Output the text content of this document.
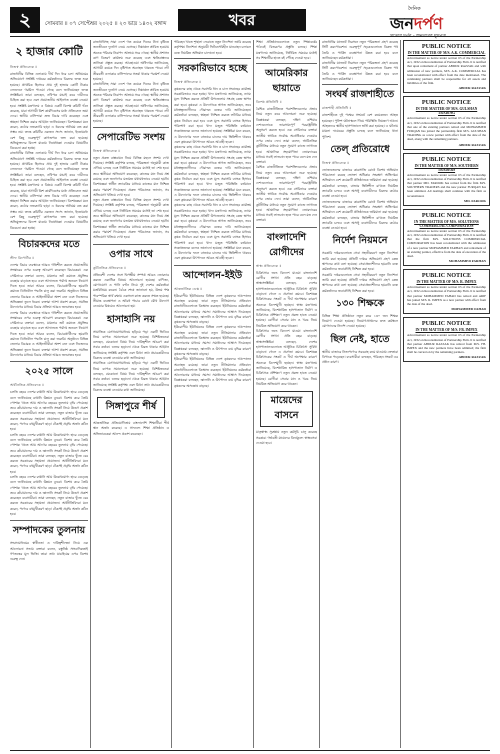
২	সোমবার ॥ ০৭ সেপ্টেম্বর ২০২৫ ॥ ২৩ ভাদ্র ১৪৩২ বঙ্গাব্দ	খবর
দৈনিক
জনদর্পণ
২ হাজার কোটি
নিজস্ব প্রতিবেদক ॥

রাজধানীর বিভিন্ন এলাকায় দীর্ঘ দিন ধরে চলা অনিয়মের অভিযোগে সংশ্লিষ্ট দপ্তরের কর্মকর্তাদের বিরুদ্ধে তদন্ত শুরু হয়েছে। প্রাথমিক হিসেবে প্রায় দুই হাজার কোটি টাকার লেনদেনে গরমিল পাওয়া গেছে বলে জানিয়েছেন তদন্ত সংশ্লিষ্টরা। তারা বলছেন, নথিপত্র যাচাই করে দায়ীদের চিহ্নিত করা হবে এবং প্রয়োজনীয় আইনগত ব্যবস্থা নেওয়া হবে। সংশ্লিষ্ট মন্ত্রণালয় এ বিষয়ে একটি বিশেষ কমিটি গঠন করেছে, যারা আগামী ত্রিশ কার্যদিবসের মধ্যে প্রতিবেদন জমা দেবে। স্থানীয় বাসিন্দারা দ্রুত বিচার দাবি করেছেন এবং স্বচ্ছতা নিশ্চিত করার আহ্বান জানিয়েছেন। বিশেষজ্ঞরা মনে করেন, কঠোর নজরদারি ছাড়া এ ধরনের অনিয়ম বন্ধ করা সম্ভব নয়। তদন্ত কমিটির একজন সদস্য জানান, ইতোমধ্যে বেশ কিছু গুরুত্বপূর্ণ কাগজপত্র জব্দ করা হয়েছে। অভিযুক্তদের বিদেশ যাত্রায় নিষেধাজ্ঞা দেওয়ার বিষয়টিও বিবেচনা করা হচ্ছে।

রাজধানীর বিভিন্ন এলাকায় দীর্ঘ দিন ধরে চলা অনিয়মের অভিযোগে সংশ্লিষ্ট দপ্তরের কর্মকর্তাদের বিরুদ্ধে তদন্ত শুরু হয়েছে। প্রাথমিক হিসেবে প্রায় দুই হাজার কোটি টাকার লেনদেনে গরমিল পাওয়া গেছে বলে জানিয়েছেন তদন্ত সংশ্লিষ্টরা। তারা বলছেন, নথিপত্র যাচাই করে দায়ীদের চিহ্নিত করা হবে এবং প্রয়োজনীয় আইনগত ব্যবস্থা নেওয়া হবে। সংশ্লিষ্ট মন্ত্রণালয় এ বিষয়ে একটি বিশেষ কমিটি গঠন করেছে, যারা আগামী ত্রিশ কার্যদিবসের মধ্যে প্রতিবেদন জমা দেবে। স্থানীয় বাসিন্দারা দ্রুত বিচার দাবি করেছেন এবং স্বচ্ছতা নিশ্চিত করার আহ্বান জানিয়েছেন। বিশেষজ্ঞরা মনে করেন, কঠোর নজরদারি ছাড়া এ ধরনের অনিয়ম বন্ধ করা সম্ভব নয়। তদন্ত কমিটির একজন সদস্য জানান, ইতোমধ্যে বেশ কিছু গুরুত্বপূর্ণ কাগজপত্র জব্দ করা হয়েছে। অভিযুক্তদের বিদেশ যাত্রায় নিষেধাজ্ঞা দেওয়ার বিষয়টিও বিবেচনা করা হচ্ছে।

বিচারকদের মতে
স্টাফ রিপোর্টার ॥

দেশের বিচার ব্যবস্থাকে আরও গতিশীল করতে প্রয়োজনীয় সংস্কারের ওপর গুরুত্ব আরোপ করেছেন বিচারকরা। এক সেমিনারে বক্তারা বলেন, মামলার জট কমাতে প্রযুক্তির ব্যবহার বাড়াতে হবে এবং আদালতে পর্যাপ্ত জনবল নিয়োগ দিতে হবে। তারা আরও বলেন, বিচারপ্রার্থীদের হয়রানি কমাতে ডিজিটাল পদ্ধতি চালু করা জরুরি। অনুষ্ঠানে বিভিন্ন জেলার বিচারক ও আইনজীবীরা অংশ নেন এবং নিজেদের অভিজ্ঞতা তুলে ধরেন। বক্তারা আশা প্রকাশ করেন, সমন্বিত উদ্যোগের মাধ্যমে বিচার প্রক্রিয়া আরও জনবান্ধব হবে।

দেশের বিচার ব্যবস্থাকে আরও গতিশীল করতে প্রয়োজনীয় সংস্কারের ওপর গুরুত্ব আরোপ করেছেন বিচারকরা। এক সেমিনারে বক্তারা বলেন, মামলার জট কমাতে প্রযুক্তির ব্যবহার বাড়াতে হবে এবং আদালতে পর্যাপ্ত জনবল নিয়োগ দিতে হবে। তারা আরও বলেন, বিচারপ্রার্থীদের হয়রানি কমাতে ডিজিটাল পদ্ধতি চালু করা জরুরি। অনুষ্ঠানে বিভিন্ন জেলার বিচারক ও আইনজীবীরা অংশ নেন এবং নিজেদের অভিজ্ঞতা তুলে ধরেন। বক্তারা আশা প্রকাশ করেন, সমন্বিত উদ্যোগের মাধ্যমে বিচার প্রক্রিয়া আরও জনবান্ধব হবে।

২০২৫ সালে
অর্থনৈতিক প্রতিবেদক ॥

চলতি বছরে দেশের রপ্তানি আয় উল্লেখযোগ্য হারে বেড়েছে বলে জানিয়েছে রপ্তানি উন্নয়ন ব্যুরো। বিশেষ করে তৈরি পোশাক খাতে আয় আগের বছরের তুলনায় বৃদ্ধি পেয়েছে। তবে কাঁচামালের দাম ও জ্বালানি সংকট নিয়ে উদ্বেগ প্রকাশ করেছেন ব্যবসায়ীরা। তারা বলছেন, নতুন বাজার খুঁজে বের করতে সরকারের সহায়তা প্রয়োজন। অর্থনীতিবিদরা মনে করেন, পণ্যের বহুমুখীকরণ ছাড়া টেকসই প্রবৃদ্ধি অর্জন কঠিন হবে।

চলতি বছরে দেশের রপ্তানি আয় উল্লেখযোগ্য হারে বেড়েছে বলে জানিয়েছে রপ্তানি উন্নয়ন ব্যুরো। বিশেষ করে তৈরি পোশাক খাতে আয় আগের বছরের তুলনায় বৃদ্ধি পেয়েছে। তবে কাঁচামালের দাম ও জ্বালানি সংকট নিয়ে উদ্বেগ প্রকাশ করেছেন ব্যবসায়ীরা। তারা বলছেন, নতুন বাজার খুঁজে বের করতে সরকারের সহায়তা প্রয়োজন। অর্থনীতিবিদরা মনে করেন, পণ্যের বহুমুখীকরণ ছাড়া টেকসই প্রবৃদ্ধি অর্জন কঠিন হবে।

চলতি বছরে দেশের রপ্তানি আয় উল্লেখযোগ্য হারে বেড়েছে বলে জানিয়েছে রপ্তানি উন্নয়ন ব্যুরো। বিশেষ করে তৈরি পোশাক খাতে আয় আগের বছরের তুলনায় বৃদ্ধি পেয়েছে। তবে কাঁচামালের দাম ও জ্বালানি সংকট নিয়ে উদ্বেগ প্রকাশ করেছেন ব্যবসায়ীরা। তারা বলছেন, নতুন বাজার খুঁজে বের করতে সরকারের সহায়তা প্রয়োজন। অর্থনীতিবিদরা মনে করেন, পণ্যের বহুমুখীকরণ ছাড়া টেকসই প্রবৃদ্ধি অর্জন কঠিন হবে।

সম্পাদকের তুলনায়

সংবাদমাধ্যমের স্বাধীনতা ও দায়িত্বশীলতা নিয়ে এক আলোচনা সভায় বক্তারা বলেন, বস্তুনিষ্ঠ সাংবাদিকতাই গণতন্ত্রের মূল ভিত্তি। তারা তথ্য যাচাইয়ের ওপর বিশেষ গুরুত্ব দেন।

রাজধানীসহ সারা দেশে গত কয়েক দিনের টানা বৃষ্টিতে জনজীবনে দুর্ভোগ নেমে এসেছে। নিম্নাঞ্চল প্লাবিত হওয়ায় অনেক পরিবার নিরাপদ আশ্রয়ে সরে গেছে। স্থানীয় প্রশাসন ত্রাণ বিতরণ কার্যক্রম শুরু করেছে এবং ক্ষতিগ্রস্তদের তালিকা প্রস্তুত করছে। আবহাওয়া অধিদপ্তর জানিয়েছে, আগামী কয়েক দিন বৃষ্টিপাত অব্যাহত থাকতে পারে। নদী তীরবর্তী এলাকার বাসিন্দাদের সতর্ক থাকার পরামর্শ দেওয়া হয়েছে।

রাজধানীসহ সারা দেশে গত কয়েক দিনের টানা বৃষ্টিতে জনজীবনে দুর্ভোগ নেমে এসেছে। নিম্নাঞ্চল প্লাবিত হওয়ায় অনেক পরিবার নিরাপদ আশ্রয়ে সরে গেছে। স্থানীয় প্রশাসন ত্রাণ বিতরণ কার্যক্রম শুরু করেছে এবং ক্ষতিগ্রস্তদের তালিকা প্রস্তুত করছে। আবহাওয়া অধিদপ্তর জানিয়েছে, আগামী কয়েক দিন বৃষ্টিপাত অব্যাহত থাকতে পারে। নদী তীরবর্তী এলাকার বাসিন্দাদের সতর্ক থাকার পরামর্শ দেওয়া হয়েছে।

সেপারেটিভ সংশয়
নিজস্ব প্রতিবেদক ॥

নতুন প্রকল্প বাস্তবায়ন নিয়ে বিভিন্ন মহলে সংশয় দেখা দিয়েছে। সংশ্লিষ্ট কর্তৃপক্ষ বলছে, পরিকল্পনা অনুযায়ী কাজ এগিয়ে চলছে এবং নির্ধারিত সময়ের মধ্যেই তা শেষ হবে। তবে স্থানীয়রা অভিযোগ করেছেন, কাজের মান নিয়ে প্রশ্ন রয়েছে এবং জনগণের মতামত যথাযথভাবে নেওয়া হয়নি। বিশেষজ্ঞরা স্বাধীন তদারকির মাধ্যমে কাজের মান নিশ্চিত করার পরামর্শ দিয়েছেন। প্রকল্প পরিচালক জানান, সব অভিযোগ খতিয়ে দেখা হবে।

নতুন প্রকল্প বাস্তবায়ন নিয়ে বিভিন্ন মহলে সংশয় দেখা দিয়েছে। সংশ্লিষ্ট কর্তৃপক্ষ বলছে, পরিকল্পনা অনুযায়ী কাজ এগিয়ে চলছে এবং নির্ধারিত সময়ের মধ্যেই তা শেষ হবে। তবে স্থানীয়রা অভিযোগ করেছেন, কাজের মান নিয়ে প্রশ্ন রয়েছে এবং জনগণের মতামত যথাযথভাবে নেওয়া হয়নি। বিশেষজ্ঞরা স্বাধীন তদারকির মাধ্যমে কাজের মান নিশ্চিত করার পরামর্শ দিয়েছেন। প্রকল্প পরিচালক জানান, সব অভিযোগ খতিয়ে দেখা হবে।

ওপার সাথে
কূটনৈতিক প্রতিবেদক ॥

প্রতিবেশী দেশের সঙ্গে দ্বিপক্ষীয় সম্পর্ক আরও জোরদার করতে একাধিক বিষয়ে আলোচনা হয়েছে। বাণিজ্য, যোগাযোগ ও পানি বণ্টন নিয়ে দুই দেশের কর্মকর্তারা মতবিনিময় করেন। বৈঠক শেষে জানানো হয়, উভয় পক্ষ পারস্পরিক স্বার্থ রক্ষায় একসঙ্গে কাজ করতে সম্মত হয়েছে। সীমান্ত ব্যবস্থাপনা ও অবৈধ পাচার রোধে যৌথ উদ্যোগ নেওয়ার বিষয়েও আলোচনা হয়।

হাসাহাসি নয়

সামাজিক যোগাযোগমাধ্যমে ছড়িয়ে পড়া একটি ভিডিও নিয়ে ব্যাপক সমালোচনা শুরু হয়েছে। বিশিষ্টজনেরা বলছেন, যেকোনো বিষয় নিয়ে দায়িত্বশীল আচরণ করা সবার কর্তব্য। গুজব ছড়ানো থেকে বিরত থাকার আহ্বান জানিয়েছে সংশ্লিষ্ট কর্তৃপক্ষ এবং মিথ্যা তথ্য প্রচারকারীদের বিরুদ্ধে ব্যবস্থা নেওয়ার কথা জানিয়েছে।

সামাজিক যোগাযোগমাধ্যমে ছড়িয়ে পড়া একটি ভিডিও নিয়ে ব্যাপক সমালোচনা শুরু হয়েছে। বিশিষ্টজনেরা বলছেন, যেকোনো বিষয় নিয়ে দায়িত্বশীল আচরণ করা সবার কর্তব্য। গুজব ছড়ানো থেকে বিরত থাকার আহ্বান জানিয়েছে সংশ্লিষ্ট কর্তৃপক্ষ এবং মিথ্যা তথ্য প্রচারকারীদের বিরুদ্ধে ব্যবস্থা নেওয়ার কথা জানিয়েছে।

সিঙ্গাপুরে শীর্ষ

আন্তর্জাতিক প্রতিযোগিতায় বাংলাদেশি শিক্ষার্থীরা শীর্ষ স্থান অর্জন করেছে। এ সাফল্যে শিক্ষা প্রতিষ্ঠান ও অভিভাবকেরা আনন্দ প্রকাশ করেছেন।

পরিবহন খাতে শৃঙ্খলা ফেরাতে নতুন নির্দেশনা জারি করেছে কর্তৃপক্ষ। নির্দেশনা অনুযায়ী ফিটনেসবিহীন যানবাহন চলাচল বন্ধে নিয়মিত অভিযান চালানো হবে।

সরকারিভাবে হচ্ছে
নিজস্ব প্রতিবেদক ॥

কৃষকদের কাছ থেকে সরাসরি ধান ও চাল সংগ্রহের কার্যক্রম সরকারিভাবে শুরু হচ্ছে। খাদ্য মন্ত্রণালয় জানিয়েছে, ন্যায্য মূল্য নিশ্চিত করতে প্রতিটি উপজেলায় সংগ্রহ কেন্দ্র স্থাপন করা হবে। কৃষকরা এ উদ্যোগকে স্বাগত জানিয়েছেন, তবে মধ্যস্বত্বভোগীদের দৌরাত্ম্য বন্ধের দাবি জানিয়েছেন। কর্মকর্তারা বলছেন, স্বচ্ছতা নিশ্চিত করতে লটারির মাধ্যমে কৃষক নির্বাচন করা হবে এবং মূল্য সরাসরি ব্যাংক হিসাবে পরিশোধ করা হবে। খাদ্য মজুত পরিস্থিতি বর্তমানে সন্তোষজনক বলেও জানানো হয়েছে। সংশ্লিষ্টরা মনে করেন, এ উদ্যোগের ফলে বাজারে চালের দাম স্থিতিশীল থাকবে এবং কৃষকেরা উৎপাদনে আরও আগ্রহী হবেন।

কৃষকদের কাছ থেকে সরাসরি ধান ও চাল সংগ্রহের কার্যক্রম সরকারিভাবে শুরু হচ্ছে। খাদ্য মন্ত্রণালয় জানিয়েছে, ন্যায্য মূল্য নিশ্চিত করতে প্রতিটি উপজেলায় সংগ্রহ কেন্দ্র স্থাপন করা হবে। কৃষকরা এ উদ্যোগকে স্বাগত জানিয়েছেন, তবে মধ্যস্বত্বভোগীদের দৌরাত্ম্য বন্ধের দাবি জানিয়েছেন। কর্মকর্তারা বলছেন, স্বচ্ছতা নিশ্চিত করতে লটারির মাধ্যমে কৃষক নির্বাচন করা হবে এবং মূল্য সরাসরি ব্যাংক হিসাবে পরিশোধ করা হবে। খাদ্য মজুত পরিস্থিতি বর্তমানে সন্তোষজনক বলেও জানানো হয়েছে। সংশ্লিষ্টরা মনে করেন, এ উদ্যোগের ফলে বাজারে চালের দাম স্থিতিশীল থাকবে এবং কৃষকেরা উৎপাদনে আরও আগ্রহী হবেন।

কৃষকদের কাছ থেকে সরাসরি ধান ও চাল সংগ্রহের কার্যক্রম সরকারিভাবে শুরু হচ্ছে। খাদ্য মন্ত্রণালয় জানিয়েছে, ন্যায্য মূল্য নিশ্চিত করতে প্রতিটি উপজেলায় সংগ্রহ কেন্দ্র স্থাপন করা হবে। কৃষকরা এ উদ্যোগকে স্বাগত জানিয়েছেন, তবে মধ্যস্বত্বভোগীদের দৌরাত্ম্য বন্ধের দাবি জানিয়েছেন। কর্মকর্তারা বলছেন, স্বচ্ছতা নিশ্চিত করতে লটারির মাধ্যমে কৃষক নির্বাচন করা হবে এবং মূল্য সরাসরি ব্যাংক হিসাবে পরিশোধ করা হবে। খাদ্য মজুত পরিস্থিতি বর্তমানে সন্তোষজনক বলেও জানানো হয়েছে। সংশ্লিষ্টরা মনে করেন, এ উদ্যোগের ফলে বাজারে চালের দাম স্থিতিশীল থাকবে এবং কৃষকেরা উৎপাদনে আরও আগ্রহী হবেন।

আন্দোলন-ইইউ
আন্তর্জাতিক ডেস্ক ॥

ইউরোপীয় ইউনিয়নের বিভিন্ন দেশে কৃষকদের আন্দোলন অব্যাহত রয়েছে। তারা নতুন নীতিমালার প্রতিবাদে রাজধানীগুলোতে বিক্ষোভ করছেন। ইউনিয়নের কর্মকর্তারা আলোচনার মাধ্যমে সমস্যা সমাধানের আশ্বাস দিয়েছেন। বিশ্লেষকরা বলছেন, জ্বালানি ও উৎপাদন ব্যয় বৃদ্ধির কারণে কৃষকদের অসন্তোষ বাড়ছে।

ইউরোপীয় ইউনিয়নের বিভিন্ন দেশে কৃষকদের আন্দোলন অব্যাহত রয়েছে। তারা নতুন নীতিমালার প্রতিবাদে রাজধানীগুলোতে বিক্ষোভ করছেন। ইউনিয়নের কর্মকর্তারা আলোচনার মাধ্যমে সমস্যা সমাধানের আশ্বাস দিয়েছেন। বিশ্লেষকরা বলছেন, জ্বালানি ও উৎপাদন ব্যয় বৃদ্ধির কারণে কৃষকদের অসন্তোষ বাড়ছে।

ইউরোপীয় ইউনিয়নের বিভিন্ন দেশে কৃষকদের আন্দোলন অব্যাহত রয়েছে। তারা নতুন নীতিমালার প্রতিবাদে রাজধানীগুলোতে বিক্ষোভ করছেন। ইউনিয়নের কর্মকর্তারা আলোচনার মাধ্যমে সমস্যা সমাধানের আশ্বাস দিয়েছেন। বিশ্লেষকরা বলছেন, জ্বালানি ও উৎপাদন ব্যয় বৃদ্ধির কারণে কৃষকদের অসন্তোষ বাড়ছে।

শিক্ষা প্রতিষ্ঠানগুলোতে নতুন শিক্ষাবর্ষের পাঠ্যবই বিতরণের প্রস্তুতি চলছে। শিক্ষা মন্ত্রণালয় জানিয়েছে, নির্ধারিত সময়ের মধ্যেই সব শিক্ষার্থীর হাতে বই পৌঁছে দেওয়া হবে।

আমেরিকার ছায়াতে
বিশেষ প্রতিনিধি ॥

বৈশ্বিক রাজনীতিতে পরাশক্তিগুলোর প্রভাব নিয়ে নতুন করে আলোচনা শুরু হয়েছে। বিশ্লেষকরা বলছেন, দক্ষিণ এশিয়ার দেশগুলোকে ভারসাম্যপূর্ণ পররাষ্ট্রনীতি অনুসরণ করতে হবে। এক সেমিনারে বক্তারা জাতীয় স্বার্থকে সর্বোচ্চ অগ্রাধিকার দেওয়ার ওপর জোর দেন। তারা বলেন, অর্থনৈতিক কূটনীতির মাধ্যমে নতুন সুযোগ কাজে লাগাতে হবে। আঞ্চলিক সহযোগিতা জোরদারের মাধ্যমে সবাই লাভবান হতে পারে বলে মত দেন বক্তারা।

বৈশ্বিক রাজনীতিতে পরাশক্তিগুলোর প্রভাব নিয়ে নতুন করে আলোচনা শুরু হয়েছে। বিশ্লেষকরা বলছেন, দক্ষিণ এশিয়ার দেশগুলোকে ভারসাম্যপূর্ণ পররাষ্ট্রনীতি অনুসরণ করতে হবে। এক সেমিনারে বক্তারা জাতীয় স্বার্থকে সর্বোচ্চ অগ্রাধিকার দেওয়ার ওপর জোর দেন। তারা বলেন, অর্থনৈতিক কূটনীতির মাধ্যমে নতুন সুযোগ কাজে লাগাতে হবে। আঞ্চলিক সহযোগিতা জোরদারের মাধ্যমে সবাই লাভবান হতে পারে বলে মত দেন বক্তারা।

বাংলাদেশি রোগীদের
স্বাস্থ্য প্রতিবেদক ॥

চিকিৎসার জন্য বিদেশে যাওয়া বাংলাদেশি রোগীর সংখ্যা প্রতি বছর বাড়ছে। স্বাস্থ্যসংশ্লিষ্টরা বলছেন, দেশের হাসপাতালগুলোতে আধুনিক চিকিৎসা সুবিধা বাড়ানো গেলে এ প্রবণতা কমবে। বিশেষজ্ঞ চিকিৎসকের সংকট ও দীর্ঘ অপেক্ষার কারণে অনেকে বিদেশমুখী হচ্ছেন। স্বাস্থ্য মন্ত্রণালয় জানিয়েছে, বিশেষায়িত হাসপাতাল নির্মাণ ও চিকিৎসক প্রশিক্ষণে নতুন প্রকল্প হাতে নেওয়া হয়েছে। রোগীরা সেবার মান ও খরচ নিয়ে নিয়মিত অভিযোগ করে থাকেন।

চিকিৎসার জন্য বিদেশে যাওয়া বাংলাদেশি রোগীর সংখ্যা প্রতি বছর বাড়ছে। স্বাস্থ্যসংশ্লিষ্টরা বলছেন, দেশের হাসপাতালগুলোতে আধুনিক চিকিৎসা সুবিধা বাড়ানো গেলে এ প্রবণতা কমবে। বিশেষজ্ঞ চিকিৎসকের সংকট ও দীর্ঘ অপেক্ষার কারণে অনেকে বিদেশমুখী হচ্ছেন। স্বাস্থ্য মন্ত্রণালয় জানিয়েছে, বিশেষায়িত হাসপাতাল নির্মাণ ও চিকিৎসক প্রশিক্ষণে নতুন প্রকল্প হাতে নেওয়া হয়েছে। রোগীরা সেবার মান ও খরচ নিয়ে নিয়মিত অভিযোগ করে থাকেন।

মায়েদের বাসনে

মাতৃস্বাস্থ্য সুরক্ষায় নতুন কর্মসূচি চালু করেছে সরকার। গর্ভবতী মায়েদের বিনামূল্যে স্বাস্থ্যসেবা দেওয়া হবে।

রাজধানীর যানজট নিরসনে নতুন পরিকল্পনা গ্রহণ করেছে সিটি করপোরেশন। গুরুত্বপূর্ণ সড়কগুলোতে বিকল্প পথ তৈরি ও পার্কিং ব্যবস্থাপনা উন্নত করা হবে বলে জানিয়েছেন কর্মকর্তারা।

রাজধানীর যানজট নিরসনে নতুন পরিকল্পনা গ্রহণ করেছে সিটি করপোরেশন। গুরুত্বপূর্ণ সড়কগুলোতে বিকল্প পথ তৈরি ও পার্কিং ব্যবস্থাপনা উন্নত করা হবে বলে জানিয়েছেন কর্মকর্তারা।

সংঘর্ষ রাজশাহীতে
রাজশাহী প্রতিনিধি ॥

রাজশাহীতে দুই পক্ষের সংঘর্ষে বেশ কয়েকজন আহত হয়েছেন। পুলিশ ঘটনাস্থলে গিয়ে পরিস্থিতি নিয়ন্ত্রণে আনে। আহতদের স্থানীয় হাসপাতালে ভর্তি করা হয়েছে। এ ঘটনায় মামলা দায়েরের প্রস্তুতি চলছে বলে জানিয়েছে থানা পুলিশ।

তেল্ প্রতিরোধে
নিজস্ব প্রতিবেদক ॥

ভোজ্যতেলের বাজারে কারসাজি রোধে বিশেষ অভিযান পরিচালনা করছে ভোক্তা অধিকার সংরক্ষণ অধিদপ্তর। অভিযানে বেশ কয়েকটি প্রতিষ্ঠানকে জরিমানা করা হয়েছে। কর্মকর্তারা বলছেন, বাজার স্থিতিশীল রাখতে নিয়মিত তদারকি চলবে এবং অসাধু ব্যবসায়ীদের বিরুদ্ধে কঠোর ব্যবস্থা নেওয়া হবে।

ভোজ্যতেলের বাজারে কারসাজি রোধে বিশেষ অভিযান পরিচালনা করছে ভোক্তা অধিকার সংরক্ষণ অধিদপ্তর। অভিযানে বেশ কয়েকটি প্রতিষ্ঠানকে জরিমানা করা হয়েছে। কর্মকর্তারা বলছেন, বাজার স্থিতিশীল রাখতে নিয়মিত তদারকি চলবে এবং অসাধু ব্যবসায়ীদের বিরুদ্ধে কঠোর ব্যবস্থা নেওয়া হবে।

নির্দেশ নিয়মনে

সরকারি দপ্তরগুলোতে সেবা সহজীকরণে নতুন নির্দেশনা জারি করা হয়েছে। প্রতিটি দপ্তরে অভিযোগ গ্রহণ কেন্দ্র স্থাপনের কথা বলা হয়েছে। সেবাপ্রত্যাশীদের হয়রানি বন্ধে কর্মকর্তাদের জবাবদিহি নিশ্চিত করা হবে।

সরকারি দপ্তরগুলোতে সেবা সহজীকরণে নতুন নির্দেশনা জারি করা হয়েছে। প্রতিটি দপ্তরে অভিযোগ গ্রহণ কেন্দ্র স্থাপনের কথা বলা হয়েছে। সেবাপ্রত্যাশীদের হয়রানি বন্ধে কর্মকর্তাদের জবাবদিহি নিশ্চিত করা হবে।

১৩০ শিক্ষকে

বিভিন্ন শিক্ষা প্রতিষ্ঠানে নতুন করে ১৩০ জন শিক্ষক নিয়োগ দেওয়া হয়েছে। নিয়োগপ্রাপ্তদের দ্রুত কর্মস্থলে যোগদানের নির্দেশ দেওয়া হয়েছে।

ছিল নেই, হাতে

স্থানীয় বাজারে নিত্যপণ্যের সরবরাহ কমে যাওয়ায় ক্রেতারা বিপাকে পড়েছেন। ব্যবসায়ীরা বলছেন, পরিবহন সংকট এর প্রধান কারণ।

PUBLIC NOTICE
IN THE MATTER OF M/S. A.K. COMMERCIAL
Advertisement as notice under section 63 of the Partnership Act, 1932 on Reconstitution of Partnership Firm. It is notified that upon retirement of partner ABDUR RAZZAK and with admission of new partners, M/S. A.K. COMMERCIAL has been reconstituted with effect from the date mentioned. The continuing partners shall be responsible for all assets and liabilities of the firm.
ABDUR RAZZAK
PUBLIC NOTICE
IN THE MATTER OF M/S. GULSHAN TRADING
Advertisement as notice under section 63 of the Partnership Act, 1932 on Reconstitution of Partnership Firm. It is notified that one of the existing partners retired and MOHAMMED FURQAN has joined the partnership firm M/S. GULSHAN TRADING as a new partner with effect from the date of the deed, along with the remaining partners.
ABDUR RAZZAK
PUBLIC NOTICE
IN THE MATTER OF M/S. SOUTHERN TRADERS
Advertisement as notice under section 63 of the Partnership Act, 1932 on Reconstitution of Partnership Firm. It is notified that partner MD. FAROOK has retired from the firm M/S. SOUTHERN TRADERS and the new partner FURQAN has been admitted. All dealings shall continue with the firm as reconstituted.
MD. FAROOK
PUBLIC NOTICE
IN THE MATTER OF M/S. SOLUTIONS COMMERCIAL CORPORATION
Advertisement as notice under section 63 of the Partnership Act, 1932 on Reconstitution of Partnership Firm. It is notified that the firm M/S. SOLUTIONS COMMERCIAL CORPORATION has been reconstituted with the admission of a new partner MOHAMMED FARHAN and retirement of an existing partner, effective from the date of execution of the deed.
MOHAMMED FARHAN
PUBLIC NOTICE
IN THE MATTER OF M/S. R. IMPEX
Advertisement as notice under section 63 of the Partnership Act, 1932 on Reconstitution of Partnership Firm. It is notified that partner MOHAMMED FAHAD has retired and ARIF has joined M/S. R. IMPEX as a new partner with effect from the date of the deed.
MOHAMMED FAHAD
PUBLIC NOTICE
IN THE MATTER OF M/S. FB. IMPEX
Advertisement as notice under section 63 of the Partnership Act, 1932 on Reconstitution of Partnership Firm. It is notified that partner ABDUR RAZZAK has retired from M/S. FB. IMPEX and the new partners have been admitted; the firm shall be carried on by the remaining partners.
ABDUR RAZZAK
